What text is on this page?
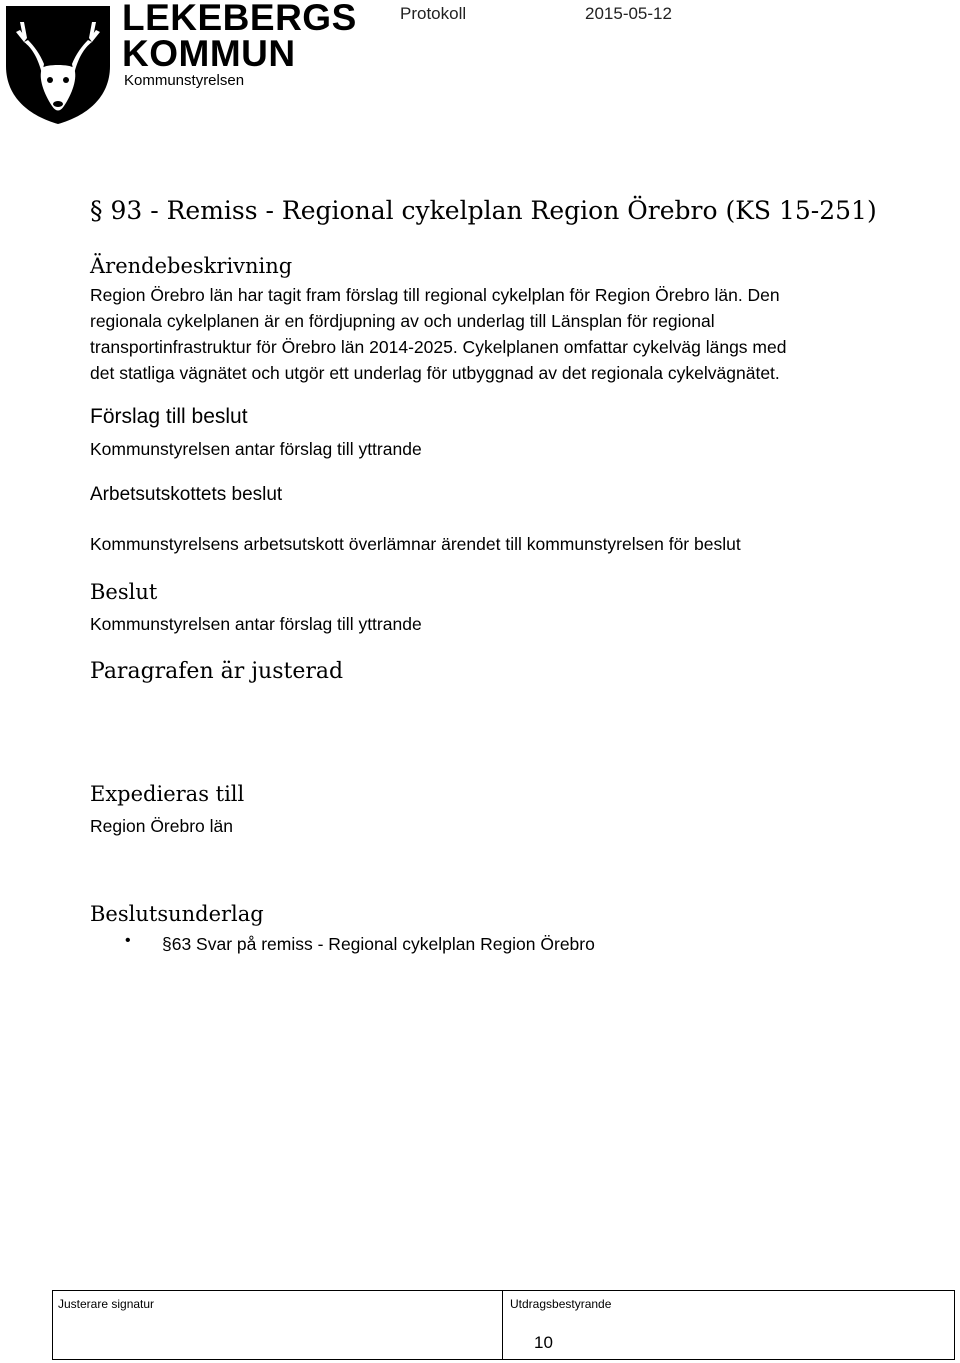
LEKEBERGS
KOMMUN
Kommunstyrelsen
Protokoll	2015-05-12
§ 93 - Remiss - Regional cykelplan Region Örebro (KS 15-251)
Ärendebeskrivning
Region Örebro län har tagit fram förslag till regional cykelplan för Region Örebro län. Den
regionala cykelplanen är en fördjupning av och underlag till Länsplan för regional
transportinfrastruktur för Örebro län 2014-2025. Cykelplanen omfattar cykelväg längs med
det statliga vägnätet och utgör ett underlag för utbyggnad av det regionala cykelvägnätet.
Förslag till beslut
Kommunstyrelsen antar förslag till yttrande
Arbetsutskottets beslut
Kommunstyrelsens arbetsutskott överlämnar ärendet till kommunstyrelsen för beslut
Beslut
Kommunstyrelsen antar förslag till yttrande
Paragrafen är justerad
Expedieras till
Region Örebro län
Beslutsunderlag
• §63 Svar på remiss - Regional cykelplan Region Örebro
Justerare signatur	Utdragsbestyrande
10
